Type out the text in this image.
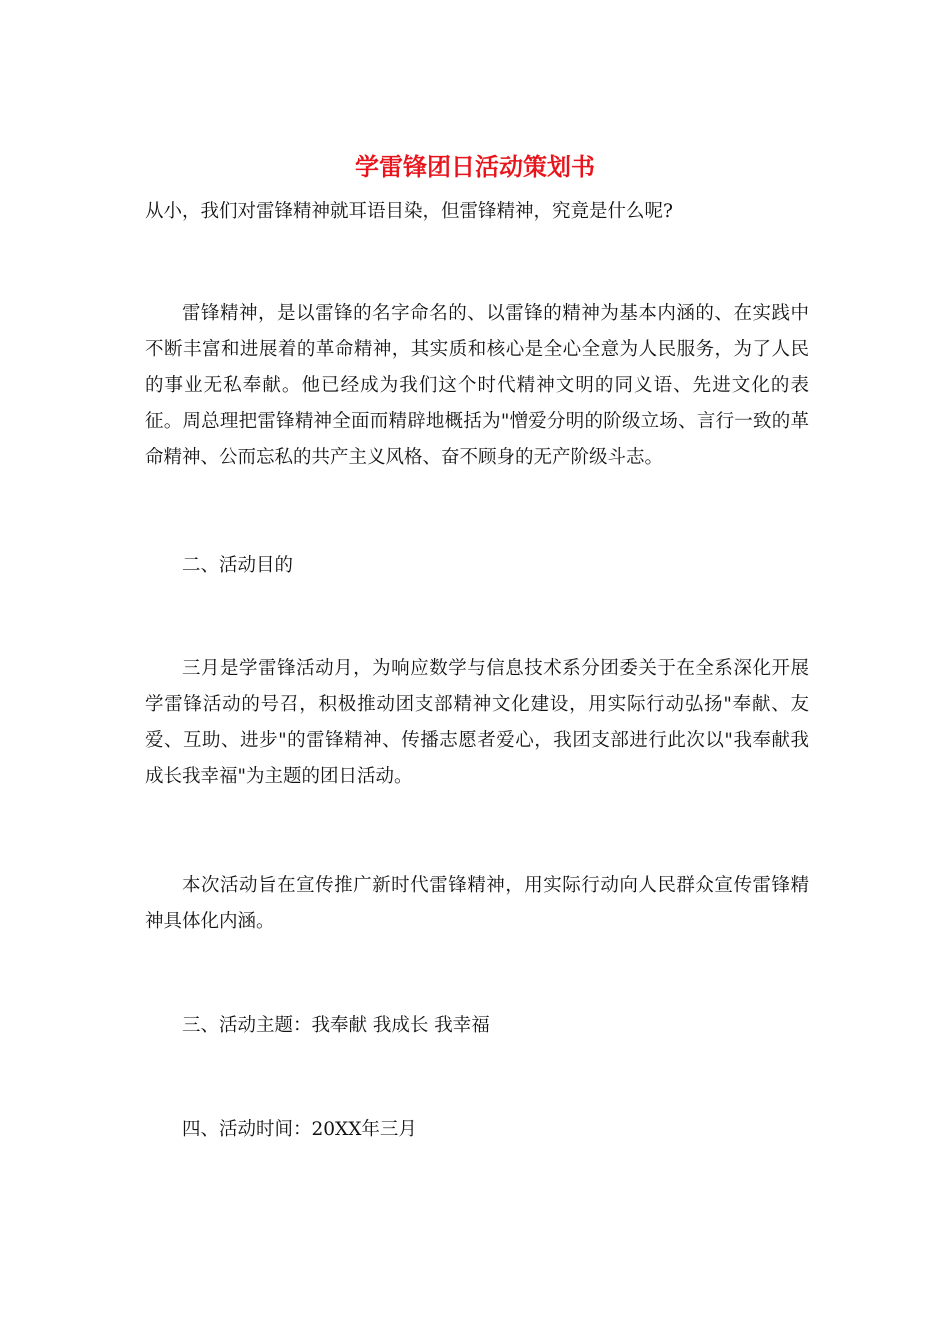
学雷锋团日活动策划书

从小，我们对雷锋精神就耳语目染，但雷锋精神，究竟是什么呢?

雷锋精神，是以雷锋的名字命名的、以雷锋的精神为基本内涵的、在实践中不断丰富和进展着的革命精神，其实质和核心是全心全意为人民服务，为了人民的事业无私奉献。他已经成为我们这个时代精神文明的同义语、先进文化的表征。周总理把雷锋精神全面而精辟地概括为"憎爱分明的阶级立场、言行一致的革命精神、公而忘私的共产主义风格、奋不顾身的无产阶级斗志。

二、活动目的

三月是学雷锋活动月，为响应数学与信息技术系分团委关于在全系深化开展学雷锋活动的号召，积极推动团支部精神文化建设，用实际行动弘扬"奉献、友爱、互助、进步"的雷锋精神、传播志愿者爱心，我团支部进行此次以"我奉献我成长我幸福"为主题的团日活动。

本次活动旨在宣传推广新时代雷锋精神，用实际行动向人民群众宣传雷锋精神具体化内涵。

三、活动主题：我奉献 我成长 我幸福

四、活动时间：20XX年三月
